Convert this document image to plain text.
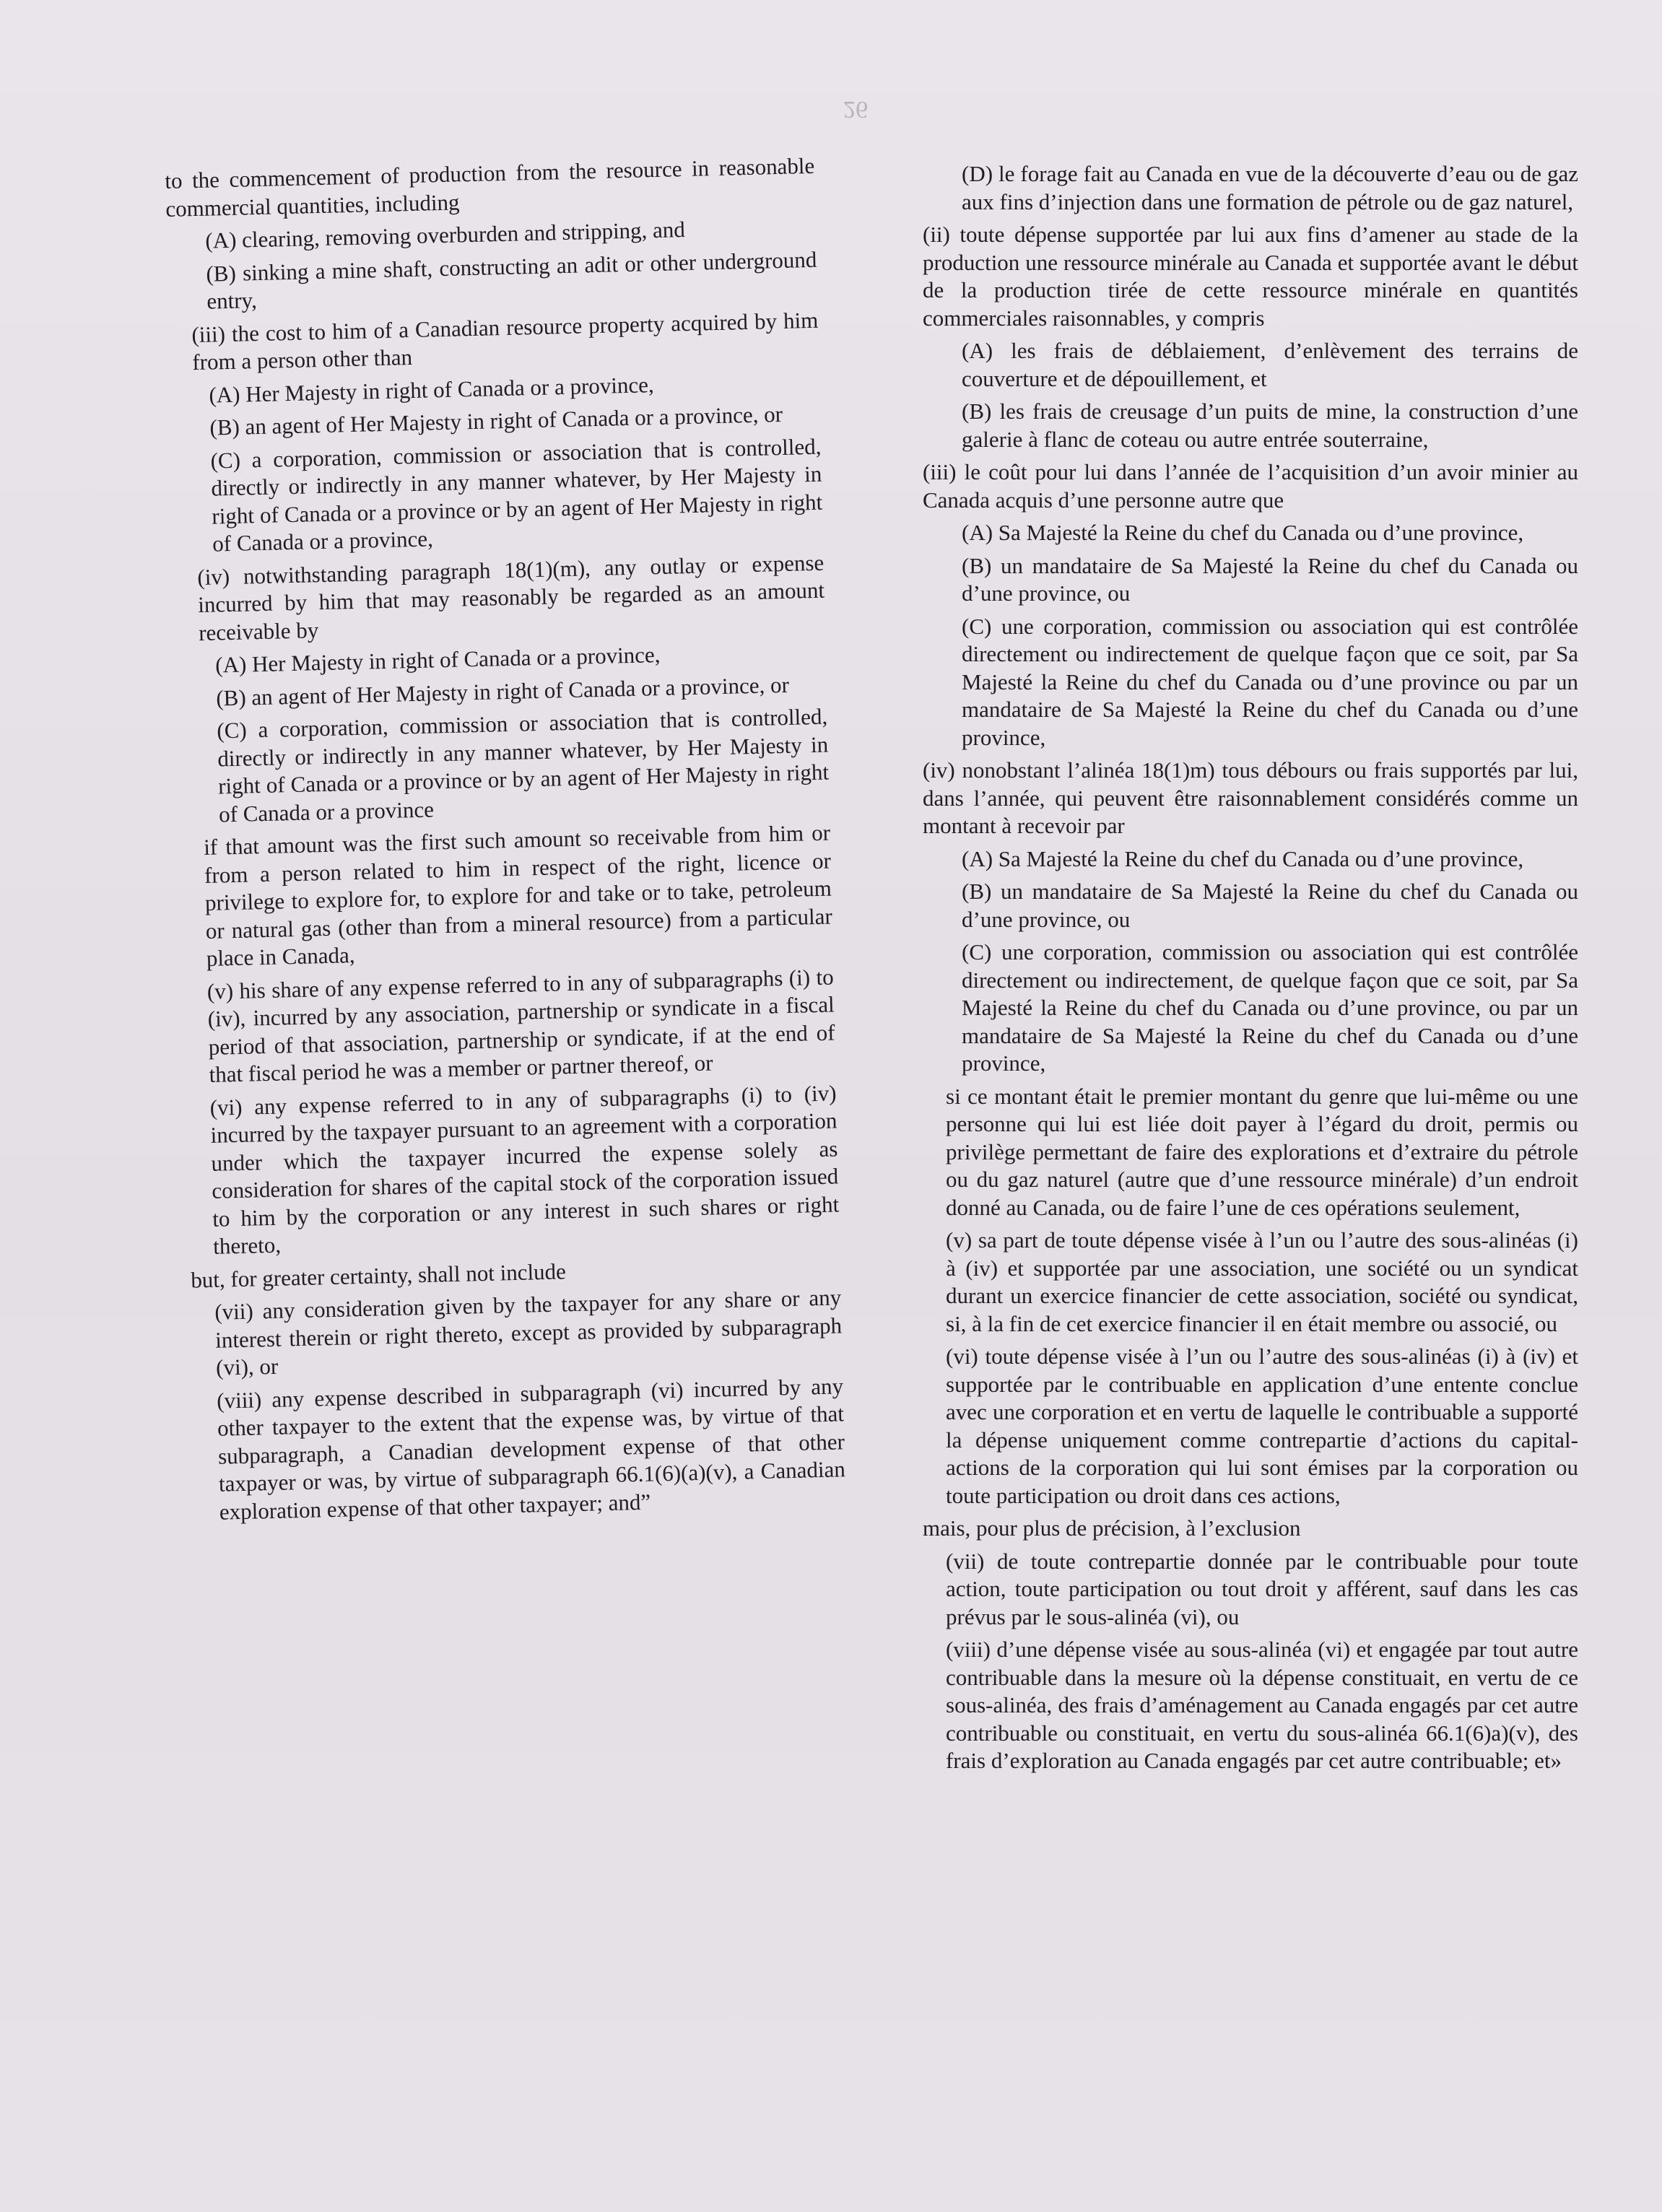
26
to the commencement of production from the resource in reasonable commercial quantities, including
(A) clearing, removing overburden and stripping, and
(B) sinking a mine shaft, constructing an adit or other underground entry,
(iii) the cost to him of a Canadian resource property acquired by him from a person other than
(A) Her Majesty in right of Canada or a province,
(B) an agent of Her Majesty in right of Canada or a province, or
(C) a corporation, commission or association that is controlled, directly or indirectly in any manner whatever, by Her Majesty in right of Canada or a province or by an agent of Her Majesty in right of Canada or a province,
(iv) notwithstanding paragraph 18(1)(m), any outlay or expense incurred by him that may reasonably be regarded as an amount receivable by
(A) Her Majesty in right of Canada or a province,
(B) an agent of Her Majesty in right of Canada or a province, or
(C) a corporation, commission or association that is controlled, directly or indirectly in any manner whatever, by Her Majesty in right of Canada or a province or by an agent of Her Majesty in right of Canada or a province
if that amount was the first such amount so receivable from him or from a person related to him in respect of the right, licence or privilege to explore for, to explore for and take or to take, petroleum or natural gas (other than from a mineral resource) from a particular place in Canada,
(v) his share of any expense referred to in any of subparagraphs (i) to (iv), incurred by any association, partnership or syndicate in a fiscal period of that association, partnership or syndicate, if at the end of that fiscal period he was a member or partner thereof, or
(vi) any expense referred to in any of subparagraphs (i) to (iv) incurred by the taxpayer pursuant to an agreement with a corporation under which the taxpayer incurred the expense solely as consideration for shares of the capital stock of the corporation issued to him by the corporation or any interest in such shares or right thereto,
but, for greater certainty, shall not include
(vii) any consideration given by the taxpayer for any share or any interest therein or right thereto, except as provided by subparagraph (vi), or
(viii) any expense described in subparagraph (vi) incurred by any other taxpayer to the extent that the expense was, by virtue of that subparagraph, a Canadian development expense of that other taxpayer or was, by virtue of subparagraph 66.1(6)(a)(v), a Canadian exploration expense of that other taxpayer; and”
(D) le forage fait au Canada en vue de la découverte d’eau ou de gaz aux fins d’injection dans une formation de pétrole ou de gaz naturel,
(ii) toute dépense supportée par lui aux fins d’amener au stade de la production une ressource minérale au Canada et supportée avant le début de la production tirée de cette ressource minérale en quantités commerciales raisonnables, y compris
(A) les frais de déblaiement, d’enlèvement des terrains de couverture et de dépouillement, et
(B) les frais de creusage d’un puits de mine, la construction d’une galerie à flanc de coteau ou autre entrée souterraine,
(iii) le coût pour lui dans l’année de l’acquisition d’un avoir minier au Canada acquis d’une personne autre que
(A) Sa Majesté la Reine du chef du Canada ou d’une province,
(B) un mandataire de Sa Majesté la Reine du chef du Canada ou d’une province, ou
(C) une corporation, commission ou association qui est contrôlée directement ou indirectement de quelque façon que ce soit, par Sa Majesté la Reine du chef du Canada ou d’une province ou par un mandataire de Sa Majesté la Reine du chef du Canada ou d’une province,
(iv) nonobstant l’alinéa 18(1)m) tous débours ou frais supportés par lui, dans l’année, qui peuvent être raisonnablement considérés comme un montant à recevoir par
(A) Sa Majesté la Reine du chef du Canada ou d’une province,
(B) un mandataire de Sa Majesté la Reine du chef du Canada ou d’une province, ou
(C) une corporation, commission ou association qui est contrôlée directement ou indirectement, de quelque façon que ce soit, par Sa Majesté la Reine du chef du Canada ou d’une province, ou par un mandataire de Sa Majesté la Reine du chef du Canada ou d’une province,
si ce montant était le premier montant du genre que lui-même ou une personne qui lui est liée doit payer à l’égard du droit, permis ou privilège permettant de faire des explorations et d’extraire du pétrole ou du gaz naturel (autre que d’une ressource minérale) d’un endroit donné au Canada, ou de faire l’une de ces opérations seulement,
(v) sa part de toute dépense visée à l’un ou l’autre des sous-alinéas (i) à (iv) et supportée par une association, une société ou un syndicat durant un exercice financier de cette association, société ou syndicat, si, à la fin de cet exercice financier il en était membre ou associé, ou
(vi) toute dépense visée à l’un ou l’autre des sous-alinéas (i) à (iv) et supportée par le contribuable en application d’une entente conclue avec une corporation et en vertu de laquelle le contribuable a supporté la dépense uniquement comme contrepartie d’actions du capital-actions de la corporation qui lui sont émises par la corporation ou toute participation ou droit dans ces actions,
mais, pour plus de précision, à l’exclusion
(vii) de toute contrepartie donnée par le contribuable pour toute action, toute participation ou tout droit y afférent, sauf dans les cas prévus par le sous-alinéa (vi), ou
(viii) d’une dépense visée au sous-alinéa (vi) et engagée par tout autre contribuable dans la mesure où la dépense constituait, en vertu de ce sous-alinéa, des frais d’aménagement au Canada engagés par cet autre contribuable ou constituait, en vertu du sous-alinéa 66.1(6)a)(v), des frais d’exploration au Canada engagés par cet autre contribuable; et»
